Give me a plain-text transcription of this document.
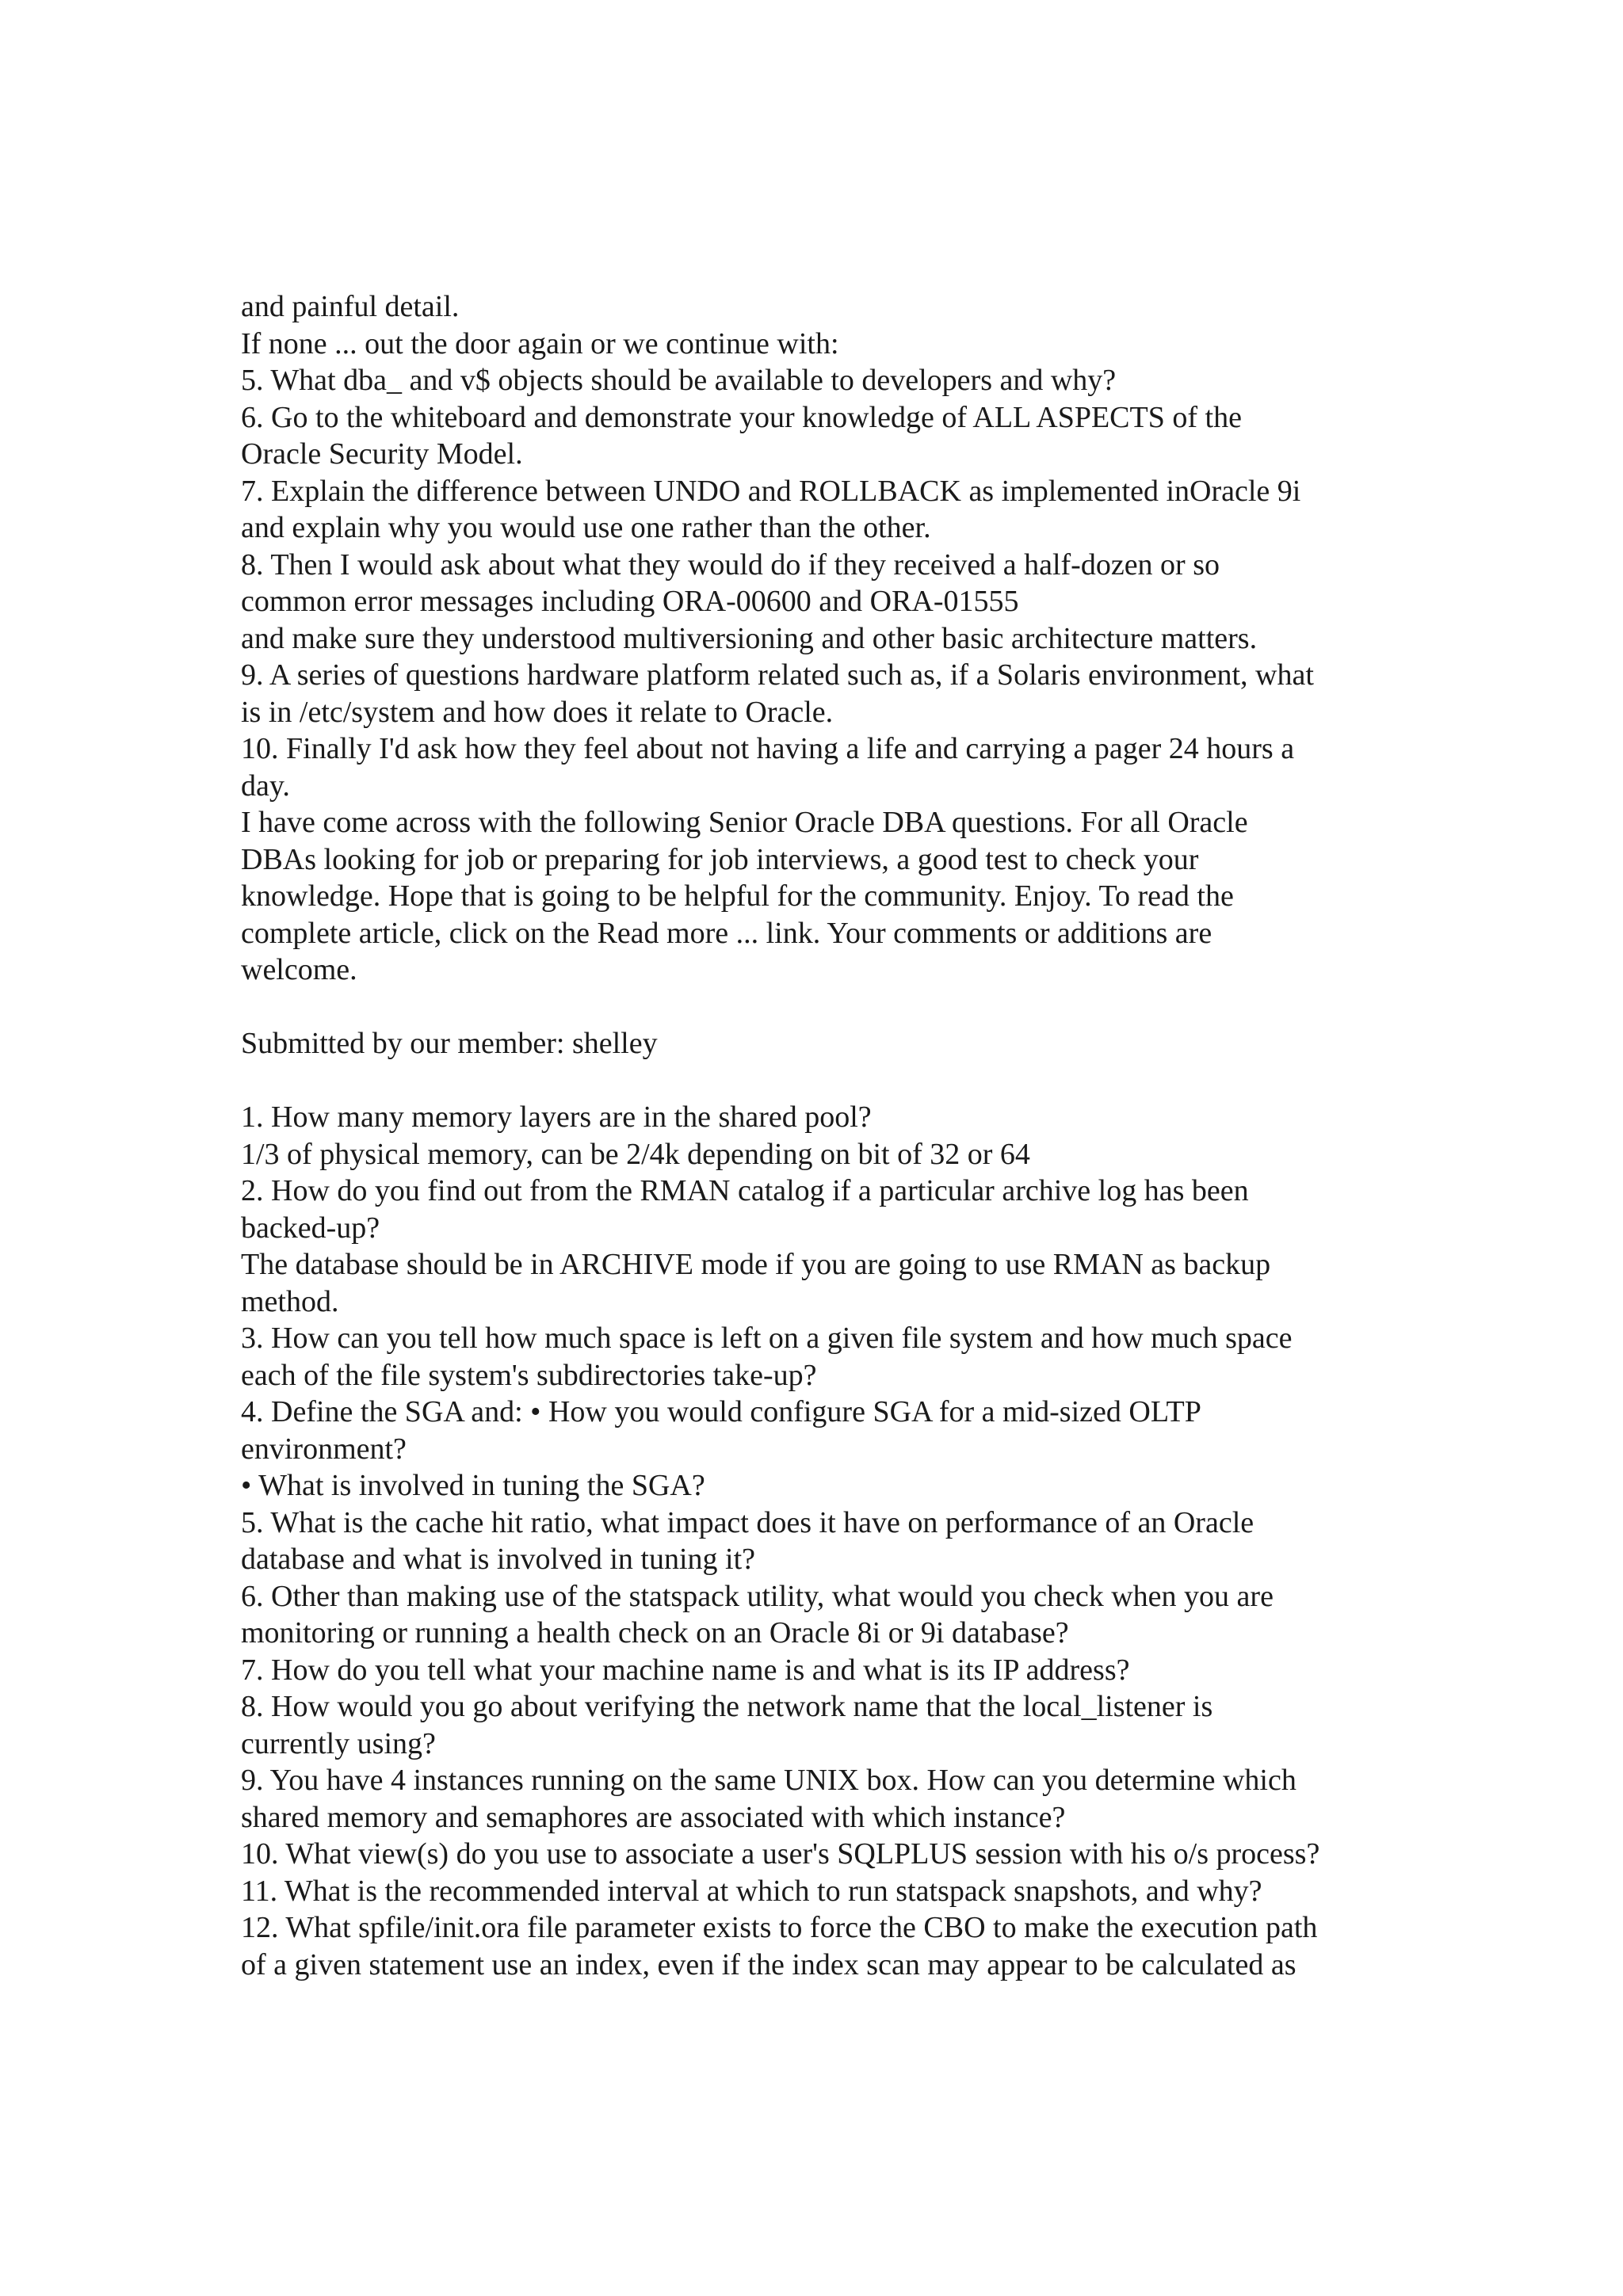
and painful detail.
If none ... out the door again or we continue with:
5. What dba_ and v$ objects should be available to developers and why?
6. Go to the whiteboard and demonstrate your knowledge of ALL ASPECTS of the
Oracle Security Model.
7. Explain the difference between UNDO and ROLLBACK as implemented inOracle 9i
and explain why you would use one rather than the other.
8. Then I would ask about what they would do if they received a half-dozen or so
common error messages including ORA-00600 and ORA-01555
and make sure they understood multiversioning and other basic architecture matters.
9. A series of questions hardware platform related such as, if a Solaris environment, what
is in /etc/system and how does it relate to Oracle.
10. Finally I'd ask how they feel about not having a life and carrying a pager 24 hours a
day.
I have come across with the following Senior Oracle DBA questions. For all Oracle
DBAs looking for job or preparing for job interviews, a good test to check your
knowledge. Hope that is going to be helpful for the community. Enjoy. To read the
complete article, click on the Read more ... link. Your comments or additions are
welcome.
Submitted by our member: shelley
1. How many memory layers are in the shared pool?
1/3 of physical memory, can be 2/4k depending on bit of 32 or 64
2. How do you find out from the RMAN catalog if a particular archive log has been
backed-up?
The database should be in ARCHIVE mode if you are going to use RMAN as backup
method.
3. How can you tell how much space is left on a given file system and how much space
each of the file system's subdirectories take-up?
4. Define the SGA and: • How you would configure SGA for a mid-sized OLTP
environment?
• What is involved in tuning the SGA?
5. What is the cache hit ratio, what impact does it have on performance of an Oracle
database and what is involved in tuning it?
6. Other than making use of the statspack utility, what would you check when you are
monitoring or running a health check on an Oracle 8i or 9i database?
7. How do you tell what your machine name is and what is its IP address?
8. How would you go about verifying the network name that the local_listener is
currently using?
9. You have 4 instances running on the same UNIX box. How can you determine which
shared memory and semaphores are associated with which instance?
10. What view(s) do you use to associate a user's SQLPLUS session with his o/s process?
11. What is the recommended interval at which to run statspack snapshots, and why?
12. What spfile/init.ora file parameter exists to force the CBO to make the execution path
of a given statement use an index, even if the index scan may appear to be calculated as
